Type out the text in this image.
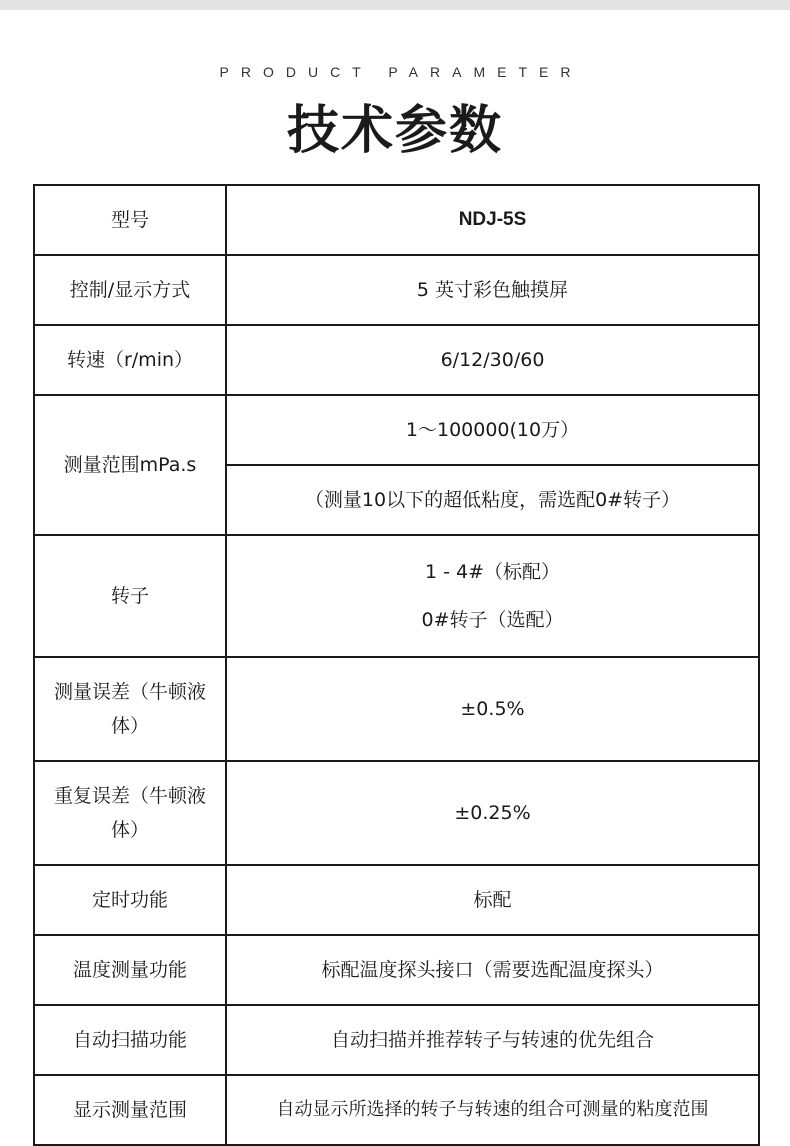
PRODUCT PARAMETER
技术参数
型号	NDJ-5S
控制/显示方式	5 英寸彩色触摸屏
转速（r/min）	6/12/30/60
测量范围mPa.s	1～100000(10万）
	（测量10以下的超低粘度，需选配0#转子）
转子	1 - 4#（标配）
0#转子（选配）

测量误差（牛顿液体）	±0.5%
重复误差（牛顿液体）	±0.25%
定时功能	标配
温度测量功能	标配温度探头接口（需要选配温度探头）
自动扫描功能	自动扫描并推荐转子与转速的优先组合
显示测量范围	自动显示所选择的转子与转速的组合可测量的粘度范围
